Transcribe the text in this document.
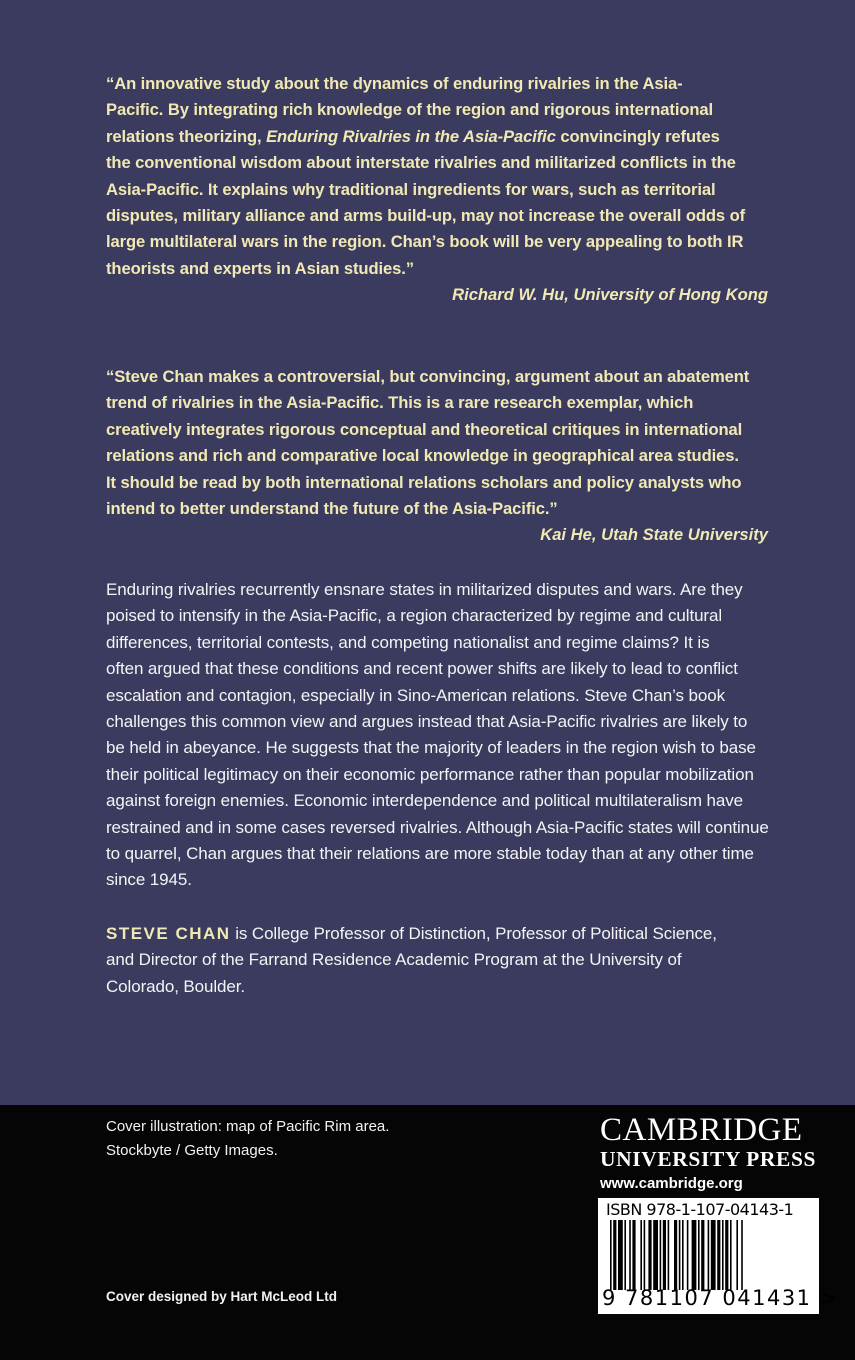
“An innovative study about the dynamics of enduring rivalries in the Asia-
Pacific. By integrating rich knowledge of the region and rigorous international
relations theorizing, Enduring Rivalries in the Asia-Pacific convincingly refutes
the conventional wisdom about interstate rivalries and militarized conflicts in the
Asia-Pacific. It explains why traditional ingredients for wars, such as territorial
disputes, military alliance and arms build-up, may not increase the overall odds of
large multilateral wars in the region. Chan’s book will be very appealing to both IR
theorists and experts in Asian studies.”
Richard W. Hu, University of Hong Kong
“Steve Chan makes a controversial, but convincing, argument about an abatement
trend of rivalries in the Asia-Pacific. This is a rare research exemplar, which
creatively integrates rigorous conceptual and theoretical critiques in international
relations and rich and comparative local knowledge in geographical area studies.
It should be read by both international relations scholars and policy analysts who
intend to better understand the future of the Asia-Pacific.”
Kai He, Utah State University
Enduring rivalries recurrently ensnare states in militarized disputes and wars. Are they
poised to intensify in the Asia-Pacific, a region characterized by regime and cultural
differences, territorial contests, and competing nationalist and regime claims? It is
often argued that these conditions and recent power shifts are likely to lead to conflict
escalation and contagion, especially in Sino-American relations. Steve Chan’s book
challenges this common view and argues instead that Asia-Pacific rivalries are likely to
be held in abeyance. He suggests that the majority of leaders in the region wish to base
their political legitimacy on their economic performance rather than popular mobilization
against foreign enemies. Economic interdependence and political multilateralism have
restrained and in some cases reversed rivalries. Although Asia-Pacific states will continue
to quarrel, Chan argues that their relations are more stable today than at any other time
since 1945.
STEVE CHAN is College Professor of Distinction, Professor of Political Science,
and Director of the Farrand Residence Academic Program at the University of
Colorado, Boulder.
Cover illustration: map of Pacific Rim area.
Stockbyte / Getty Images.
Cover designed by Hart McLeod Ltd
CAMBRIDGE
UNIVERSITY PRESS
www.cambridge.org
ISBN 978-1-107-04143-1
9 781107 041431 >
